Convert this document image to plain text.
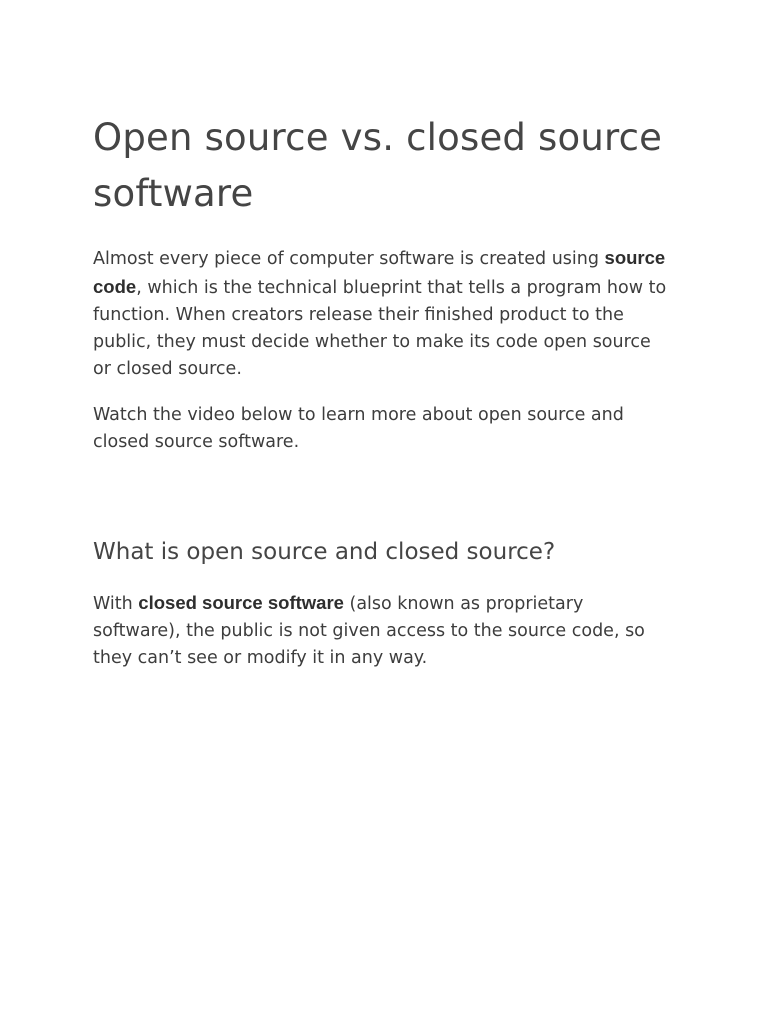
Open source vs. closed source software

Almost every piece of computer software is created using source code, which is the technical blueprint that tells a program how to function. When creators release their finished product to the public, they must decide whether to make its code open source or closed source.

Watch the video below to learn more about open source and closed source software.

What is open source and closed source?

With closed source software (also known as proprietary software), the public is not given access to the source code, so they can’t see or modify it in any way.
